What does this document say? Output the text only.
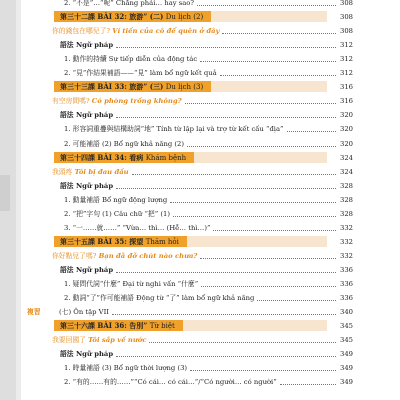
2. “不是”…“呢” Chẳng phải… hay sao?	308
第三十二課 BÀI 32: 旅游” (二) Du lịch (2)	308
你的錢包在哪兒了? Ví tiền của cô để quên ở đây	308
語法 Ngữ pháp	312
1. 動作的持續 Sự tiếp diễn của động tác	312
2. “見”作結果補語——“見” làm bổ ngữ kết quả	312
第三十三課 BÀI 33: 旅游” (三) Du lịch (3)	316
有空房間嗎? Có phòng trống không?	316
語法 Ngữ pháp	320
1. 形容詞重疊與結構助詞“地” Tính từ lặp lại và trợ từ kết cấu “địa”	320
2. 可能補語 (2) Bổ ngữ khả năng (2)	320
第三十四課 BÀI 34: 看病 Khám bệnh	324
我頭疼 Tôi bị đau đầu	324
語法 Ngữ pháp	328
1. 動量補語 Bổ ngữ động lượng	328
2. “把”字句 (1) Câu chữ “把” (1)	328
3. “一……就……” “Vừa… thì… (Hễ… thì…)”	332
第三十五課 BÀI 35: 探望 Thăm hỏi	332
你好點兒了嗎? Bạn đã đỡ chút nào chưa?	332
語法 Ngữ pháp	336
1. 疑問代詞“什麼” Đại từ nghi vấn “什麼”	336
2. 動詞“了”作可能補語 Động từ “了” làm bổ ngữ khả năng	336
複習	(七) Ôn tập VII	340
第三十六課 BÀI 36: 告別” Từ biệt	345
我要回國了 Tôi sắp về nước	345
語法 Ngữ pháp	349
1. 時量補語 (3) Bổ ngữ thời lượng (3)	349
2. “有的……有的……”“Có cái… có cái…”/“Có người… có người”	349
